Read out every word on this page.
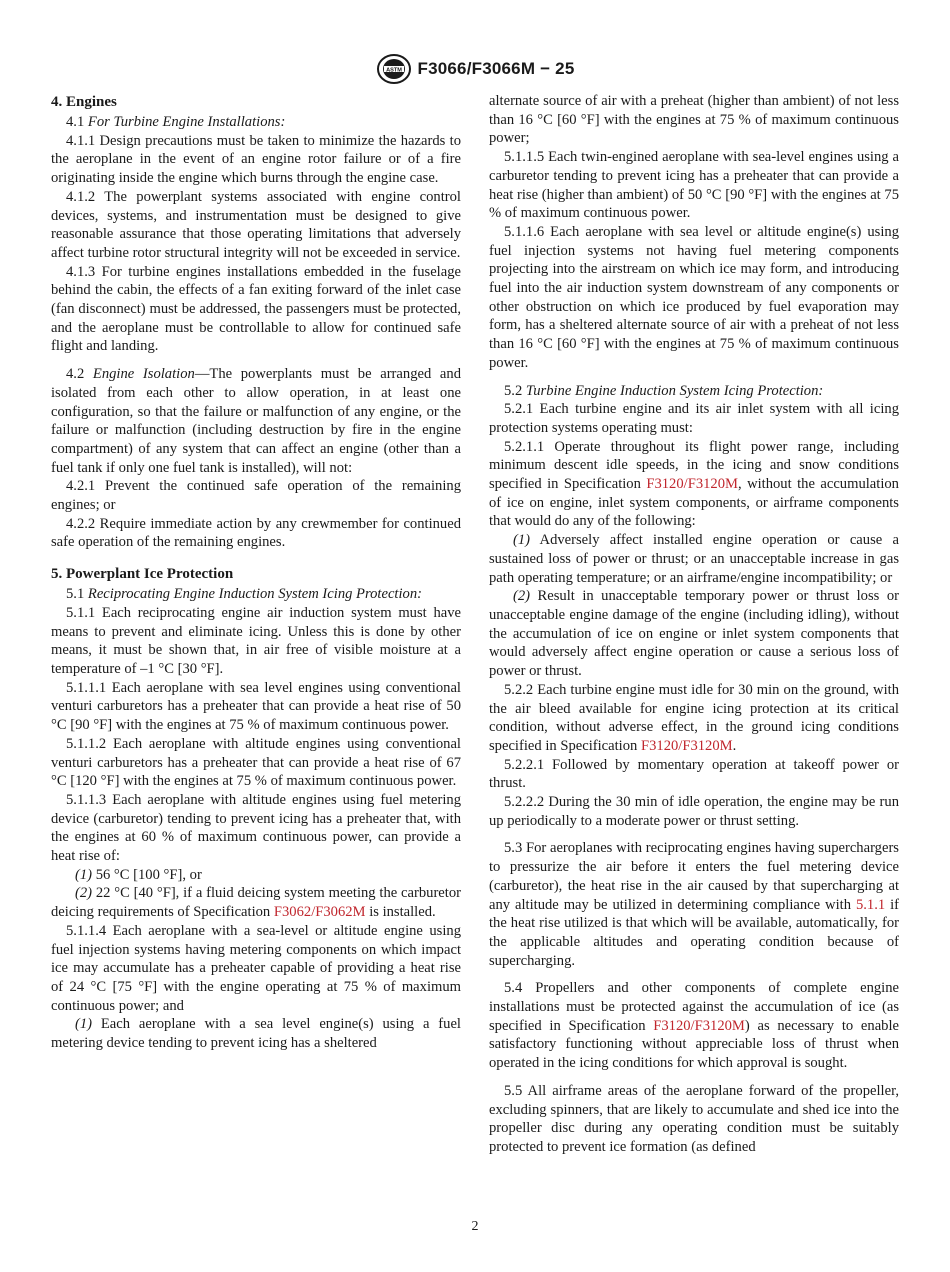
ASTM F3066/F3066M − 25
4. Engines

4.1 For Turbine Engine Installations:

4.1.1 Design precautions must be taken to minimize the hazards to the aeroplane in the event of an engine rotor failure or of a fire originating inside the engine which burns through the engine case.

4.1.2 The powerplant systems associated with engine control devices, systems, and instrumentation must be designed to give reasonable assurance that those operating limitations that adversely affect turbine rotor structural integrity will not be exceeded in service.

4.1.3 For turbine engines installations embedded in the fuselage behind the cabin, the effects of a fan exiting forward of the inlet case (fan disconnect) must be addressed, the passengers must be protected, and the aeroplane must be controllable to allow for continued safe flight and landing.

4.2 Engine Isolation—The powerplants must be arranged and isolated from each other to allow operation, in at least one configuration, so that the failure or malfunction of any engine, or the failure or malfunction (including destruction by fire in the engine compartment) of any system that can affect an engine (other than a fuel tank if only one fuel tank is installed), will not:

4.2.1 Prevent the continued safe operation of the remaining engines; or

4.2.2 Require immediate action by any crewmember for continued safe operation of the remaining engines.

5. Powerplant Ice Protection

5.1 Reciprocating Engine Induction System Icing Protection:

5.1.1 Each reciprocating engine air induction system must have means to prevent and eliminate icing. Unless this is done by other means, it must be shown that, in air free of visible moisture at a temperature of –1 °C [30 °F].

5.1.1.1 Each aeroplane with sea level engines using conventional venturi carburetors has a preheater that can provide a heat rise of 50 °C [90 °F] with the engines at 75 % of maximum continuous power.

5.1.1.2 Each aeroplane with altitude engines using conventional venturi carburetors has a preheater that can provide a heat rise of 67 °C [120 °F] with the engines at 75 % of maximum continuous power.

5.1.1.3 Each aeroplane with altitude engines using fuel metering device (carburetor) tending to prevent icing has a preheater that, with the engines at 60 % of maximum continuous power, can provide a heat rise of:

(1) 56 °C [100 °F], or

(2) 22 °C [40 °F], if a fluid deicing system meeting the carburetor deicing requirements of Specification F3062/F3062M is installed.

5.1.1.4 Each aeroplane with a sea-level or altitude engine using fuel injection systems having metering components on which impact ice may accumulate has a preheater capable of providing a heat rise of 24 °C [75 °F] with the engine operating at 75 % of maximum continuous power; and

(1) Each aeroplane with a sea level engine(s) using a fuel metering device tending to prevent icing has a sheltered

alternate source of air with a preheat (higher than ambient) of not less than 16 °C [60 °F] with the engines at 75 % of maximum continuous power;

5.1.1.5 Each twin-engined aeroplane with sea-level engines using a carburetor tending to prevent icing has a preheater that can provide a heat rise (higher than ambient) of 50 °C [90 °F] with the engines at 75 % of maximum continuous power.

5.1.1.6 Each aeroplane with sea level or altitude engine(s) using fuel injection systems not having fuel metering components projecting into the airstream on which ice may form, and introducing fuel into the air induction system downstream of any components or other obstruction on which ice produced by fuel evaporation may form, has a sheltered alternate source of air with a preheat of not less than 16 °C [60 °F] with the engines at 75 % of maximum continuous power.

5.2 Turbine Engine Induction System Icing Protection:

5.2.1 Each turbine engine and its air inlet system with all icing protection systems operating must:

5.2.1.1 Operate throughout its flight power range, including minimum descent idle speeds, in the icing and snow conditions specified in Specification F3120/F3120M, without the accumulation of ice on engine, inlet system components, or airframe components that would do any of the following:

(1) Adversely affect installed engine operation or cause a sustained loss of power or thrust; or an unacceptable increase in gas path operating temperature; or an airframe/engine incompatibility; or

(2) Result in unacceptable temporary power or thrust loss or unacceptable engine damage of the engine (including idling), without the accumulation of ice on engine or inlet system components that would adversely affect engine operation or cause a serious loss of power or thrust.

5.2.2 Each turbine engine must idle for 30 min on the ground, with the air bleed available for engine icing protection at its critical condition, without adverse effect, in the ground icing conditions specified in Specification F3120/F3120M.

5.2.2.1 Followed by momentary operation at takeoff power or thrust.

5.2.2.2 During the 30 min of idle operation, the engine may be run up periodically to a moderate power or thrust setting.

5.3 For aeroplanes with reciprocating engines having superchargers to pressurize the air before it enters the fuel metering device (carburetor), the heat rise in the air caused by that supercharging at any altitude may be utilized in determining compliance with 5.1.1 if the heat rise utilized is that which will be available, automatically, for the applicable altitudes and operating condition because of supercharging.

5.4 Propellers and other components of complete engine installations must be protected against the accumulation of ice (as specified in Specification F3120/F3120M) as necessary to enable satisfactory functioning without appreciable loss of thrust when operated in the icing conditions for which approval is sought.

5.5 All airframe areas of the aeroplane forward of the propeller, excluding spinners, that are likely to accumulate and shed ice into the propeller disc during any operating condition must be suitably protected to prevent ice formation (as defined

2
